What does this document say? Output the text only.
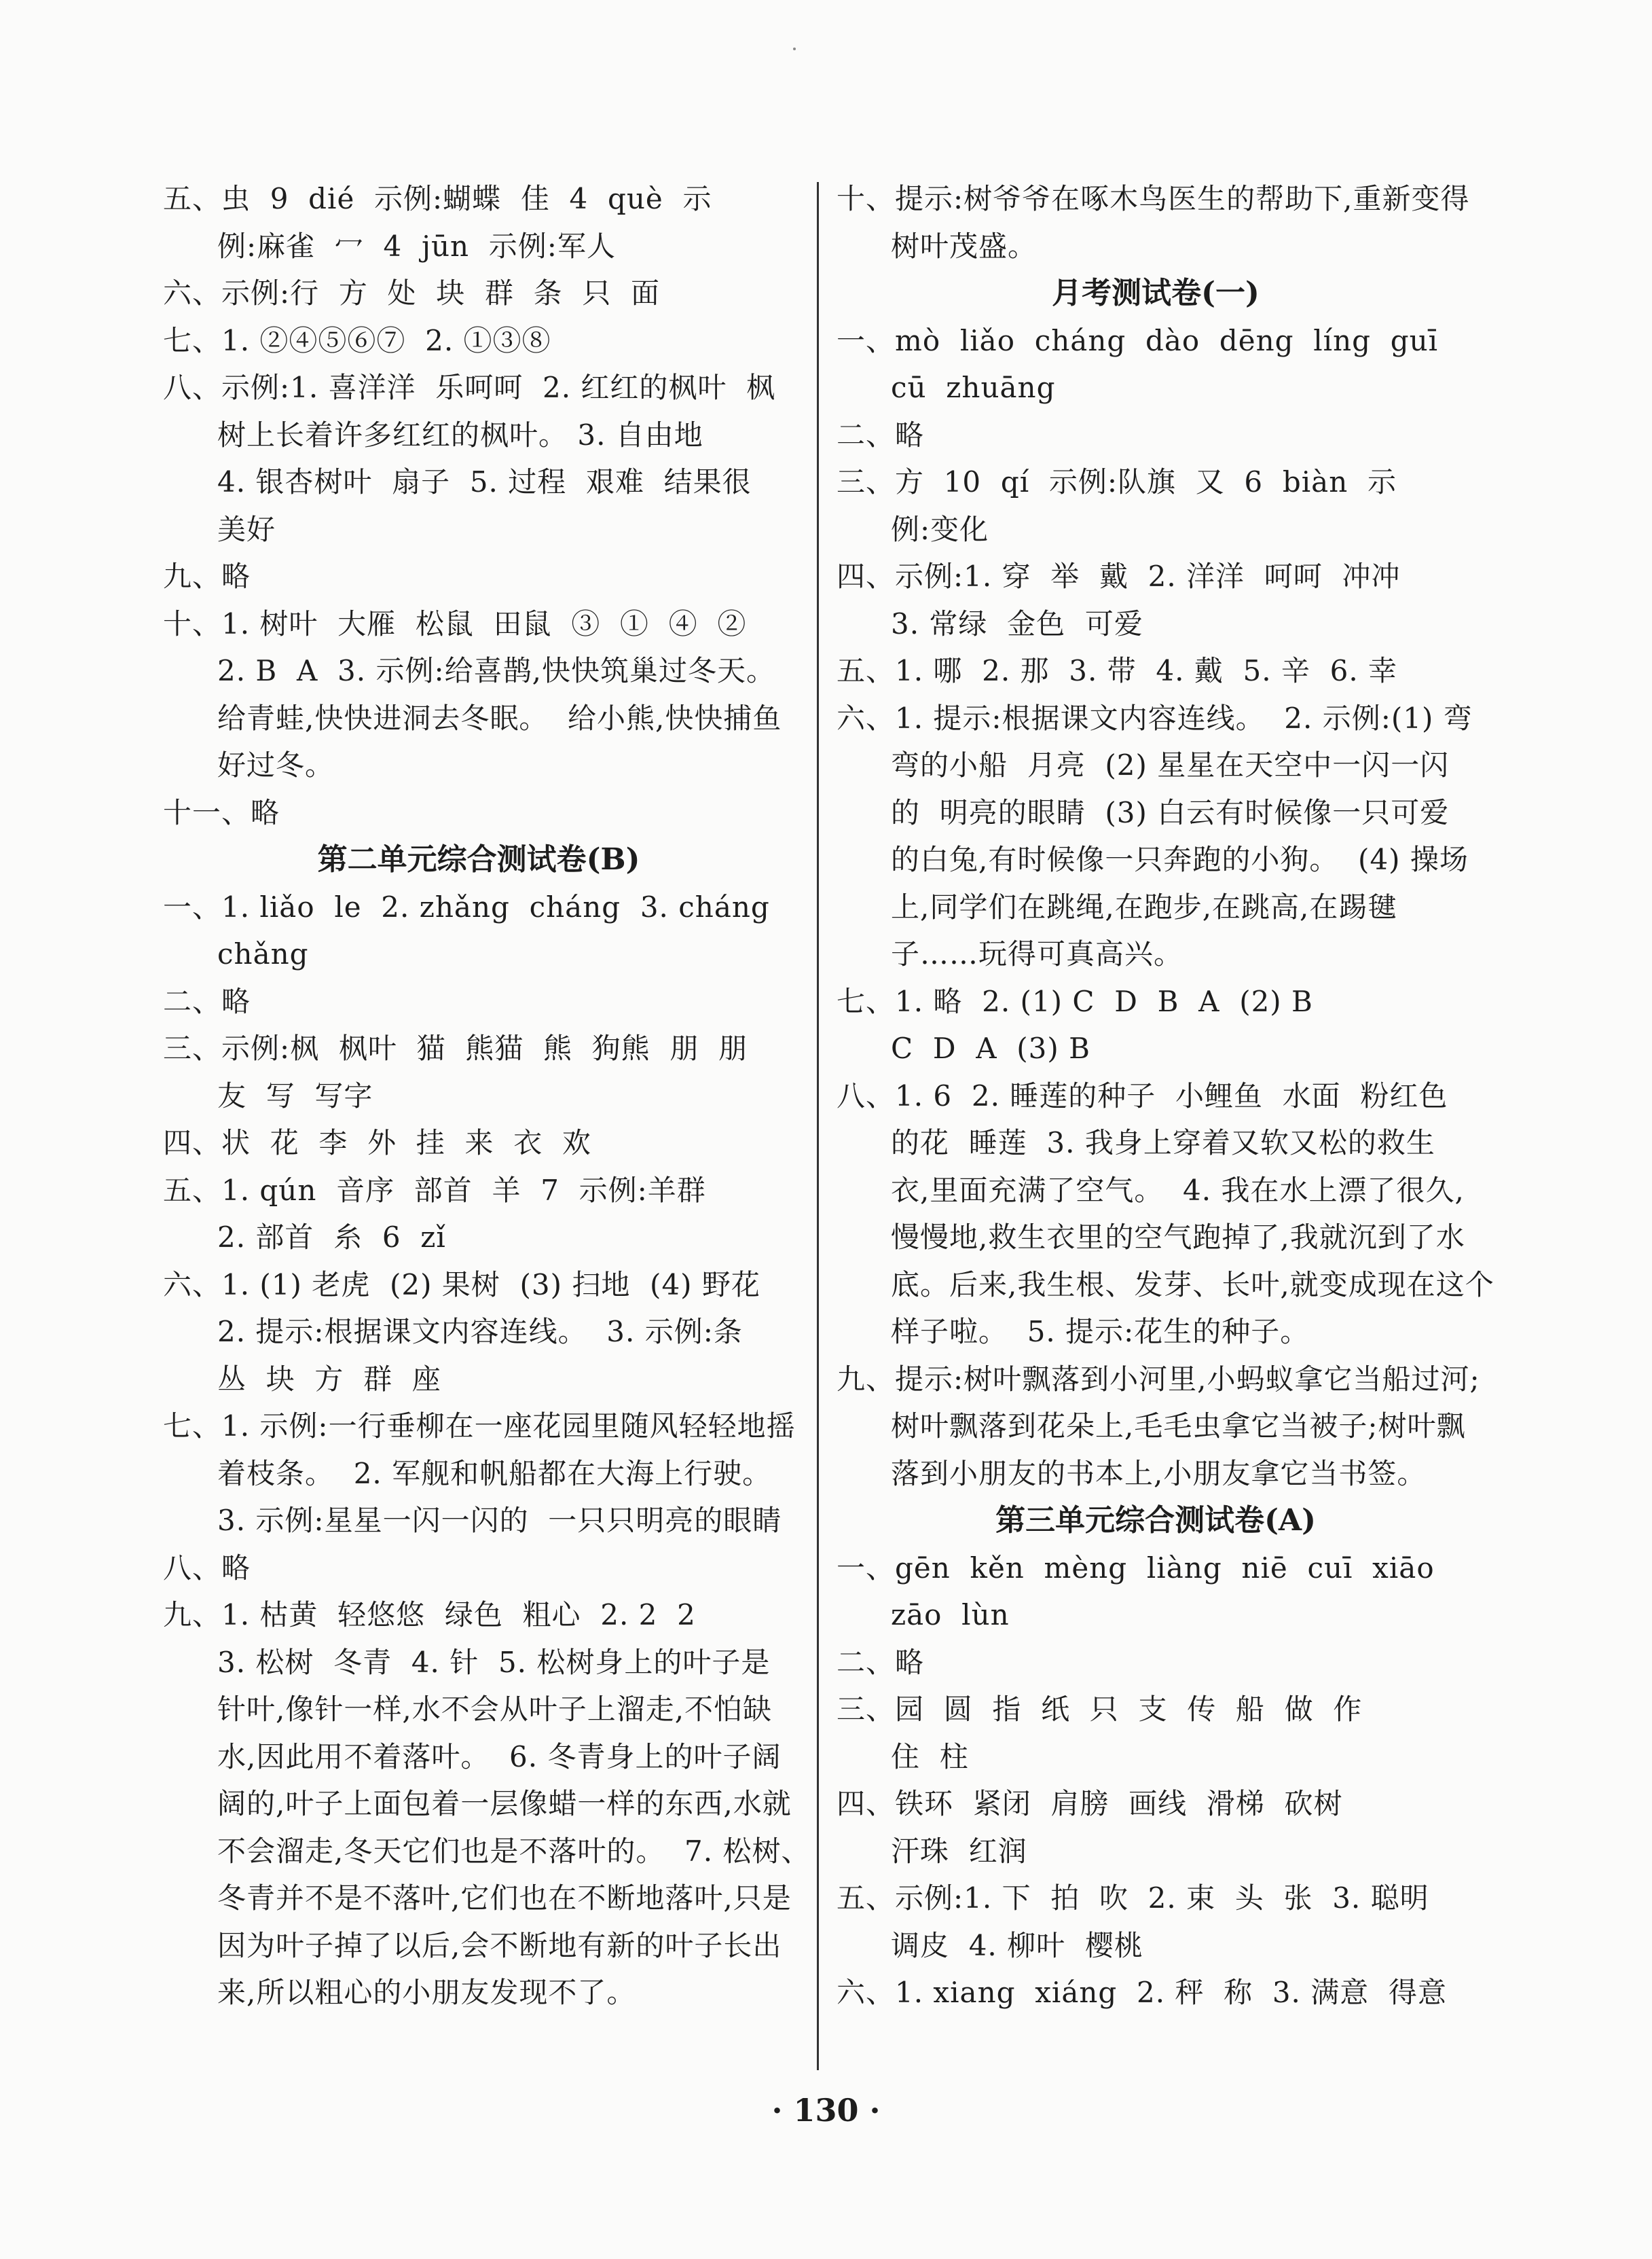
五、虫  9  dié  示例:蝴蝶  佳  4  què  示
例:麻雀  冖  4  jūn  示例:军人
六、示例:行  方  处  块  群  条  只  面
七、1. ②④⑤⑥⑦  2. ①③⑧
八、示例:1. 喜洋洋  乐呵呵  2. 红红的枫叶  枫
树上长着许多红红的枫叶。 3. 自由地
4. 银杏树叶  扇子  5. 过程  艰难  结果很
美好
九、略
十、1. 树叶  大雁  松鼠  田鼠  ③  ①  ④  ②
2. B  A  3. 示例:给喜鹊,快快筑巢过冬天。
给青蛙,快快进洞去冬眠。  给小熊,快快捕鱼
好过冬。
十一、略
第二单元综合测试卷(B)
一、1. liǎo  le  2. zhǎng  cháng  3. cháng
chǎng
二、略
三、示例:枫  枫叶  猫  熊猫  熊  狗熊  朋  朋
友  写  写字
四、状  花  李  外  挂  来  衣  欢
五、1. qún  音序  部首  羊  7  示例:羊群
2. 部首  糸  6  zǐ
六、1. (1) 老虎  (2) 果树  (3) 扫地  (4) 野花
2. 提示:根据课文内容连线。  3. 示例:条
丛  块  方  群  座
七、1. 示例:一行垂柳在一座花园里随风轻轻地摇
着枝条。  2. 军舰和帆船都在大海上行驶。
3. 示例:星星一闪一闪的  一只只明亮的眼睛
八、略
九、1. 枯黄  轻悠悠  绿色  粗心  2. 2  2
3. 松树  冬青  4. 针  5. 松树身上的叶子是
针叶,像针一样,水不会从叶子上溜走,不怕缺
水,因此用不着落叶。  6. 冬青身上的叶子阔
阔的,叶子上面包着一层像蜡一样的东西,水就
不会溜走,冬天它们也是不落叶的。  7. 松树、
冬青并不是不落叶,它们也在不断地落叶,只是
因为叶子掉了以后,会不断地有新的叶子长出
来,所以粗心的小朋友发现不了。
十、提示:树爷爷在啄木鸟医生的帮助下,重新变得
树叶茂盛。
月考测试卷(一)
一、mò  liǎo  cháng  dào  dēng  líng  guī
cū  zhuāng
二、略
三、方  10  qí  示例:队旗  又  6  biàn  示
例:变化
四、示例:1. 穿  举  戴  2. 洋洋  呵呵  冲冲
3. 常绿  金色  可爱
五、1. 哪  2. 那  3. 带  4. 戴  5. 辛  6. 幸
六、1. 提示:根据课文内容连线。  2. 示例:(1) 弯
弯的小船  月亮  (2) 星星在天空中一闪一闪
的  明亮的眼睛  (3) 白云有时候像一只可爱
的白兔,有时候像一只奔跑的小狗。  (4) 操场
上,同学们在跳绳,在跑步,在跳高,在踢毽
子……玩得可真高兴。
七、1. 略  2. (1) C  D  B  A  (2) B
C  D  A  (3) B
八、1. 6  2. 睡莲的种子  小鲤鱼  水面  粉红色
的花  睡莲  3. 我身上穿着又软又松的救生
衣,里面充满了空气。  4. 我在水上漂了很久,
慢慢地,救生衣里的空气跑掉了,我就沉到了水
底。后来,我生根、发芽、长叶,就变成现在这个
样子啦。  5. 提示:花生的种子。
九、提示:树叶飘落到小河里,小蚂蚁拿它当船过河;
树叶飘落到花朵上,毛毛虫拿它当被子;树叶飘
落到小朋友的书本上,小朋友拿它当书签。
第三单元综合测试卷(A)
一、gēn  kěn  mèng  liàng  niē  cuī  xiāo
zāo  lùn
二、略
三、园  圆  指  纸  只  支  传  船  做  作
住  柱
四、铁环  紧闭  肩膀  画线  滑梯  砍树
汗珠  红润
五、示例:1. 下  拍  吹  2. 束  头  张  3. 聪明
调皮  4. 柳叶  樱桃
六、1. xiang  xiáng  2. 秤  称  3. 满意  得意
· 130 ·
